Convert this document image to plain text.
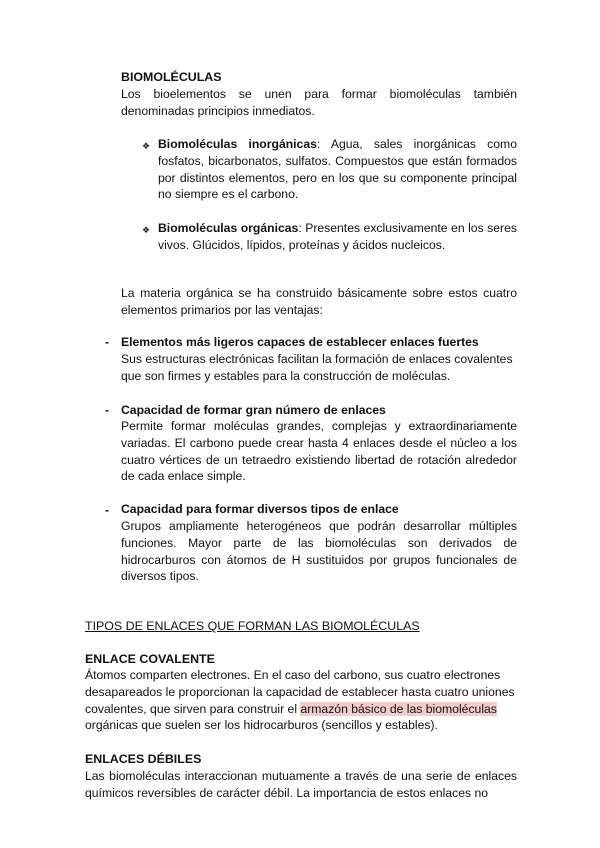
BIOMOLÉCULAS
Los bioelementos se unen para formar biomoléculas también denominadas principios inmediatos.
❖ Biomoléculas inorgánicas: Agua, sales inorgánicas como fosfatos, bicarbonatos, sulfatos. Compuestos que están formados por distintos elementos, pero en los que su componente principal no siempre es el carbono.
❖ Biomoléculas orgánicas: Presentes exclusivamente en los seres vivos. Glúcidos, lípidos, proteínas y ácidos nucleicos.
La materia orgánica se ha construido básicamente sobre estos cuatro elementos primarios por las ventajas:
- Elementos más ligeros capaces de establecer enlaces fuertes
Sus estructuras electrónicas facilitan la formación de enlaces covalentes que son firmes y estables para la construcción de moléculas.
- Capacidad de formar gran número de enlaces
Permite formar moléculas grandes, complejas y extraordinariamente variadas. El carbono puede crear hasta 4 enlaces desde el núcleo a los cuatro vértices de un tetraedro existiendo libertad de rotación alrededor de cada enlace simple.
- Capacidad para formar diversos tipos de enlace
Grupos ampliamente heterogéneos que podrán desarrollar múltiples funciones. Mayor parte de las biomoléculas son derivados de hidrocarburos con átomos de H sustituidos por grupos funcionales de diversos tipos.
TIPOS DE ENLACES QUE FORMAN LAS BIOMOLÉCULAS
ENLACE COVALENTE
Átomos comparten electrones. En el caso del carbono, sus cuatro electrones desapareados le proporcionan la capacidad de establecer hasta cuatro uniones covalentes, que sirven para construir el armazón básico de las biomoléculas orgánicas que suelen ser los hidrocarburos (sencillos y estables).
ENLACES DÉBILES
Las biomoléculas interaccionan mutuamente a través de una serie de enlaces químicos reversibles de carácter débil. La importancia de estos enlaces no
